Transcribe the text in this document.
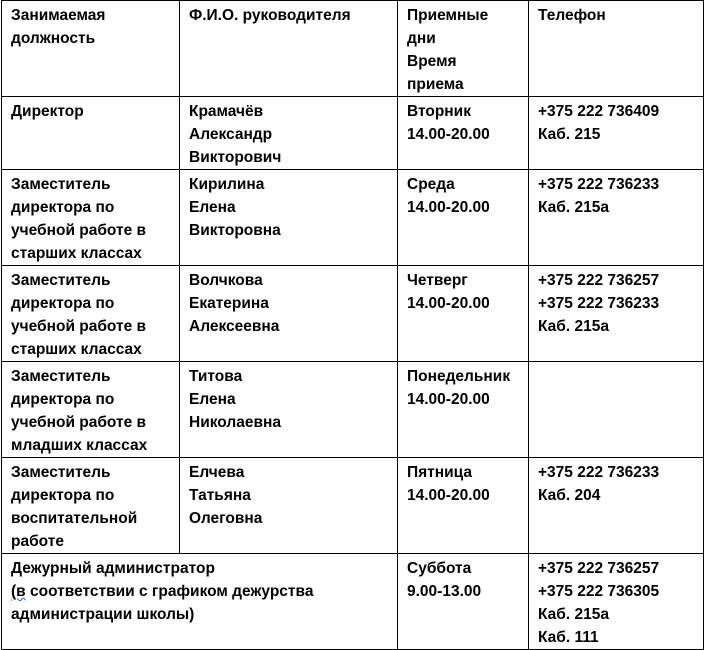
Занимаемая должность	Ф.И.О. руководителя	Приемные
дни
Время
приема	Телефон

Директор	Крамачёв
Александр
Викторович	Вторник
14.00-20.00	+375 222 736409
Каб. 215

Заместитель директора по учебной работе в старших классах	Кирилина
Елена
Викторовна	Среда
14.00-20.00	+375 222 736233
Каб. 215а

Заместитель директора по учебной работе в старших классах	Волчкова
Екатерина
Алексеевна	Четверг
14.00-20.00	+375 222 736257
+375 222 736233
Каб. 215а

Заместитель директора по учебной работе в младших классах	Титова
Елена
Николаевна	Понедельник
14.00-20.00	

Заместитель директора по воспитательной работе	Елчева
Татьяна
Олеговна	Пятница
14.00-20.00	+375 222 736233
Каб. 204

Дежурный администратор
(в соответствии с графиком дежурства
администрации школы)		Суббота
9.00-13.00	+375 222 736257
+375 222 736305
Каб. 215а
Каб. 111
